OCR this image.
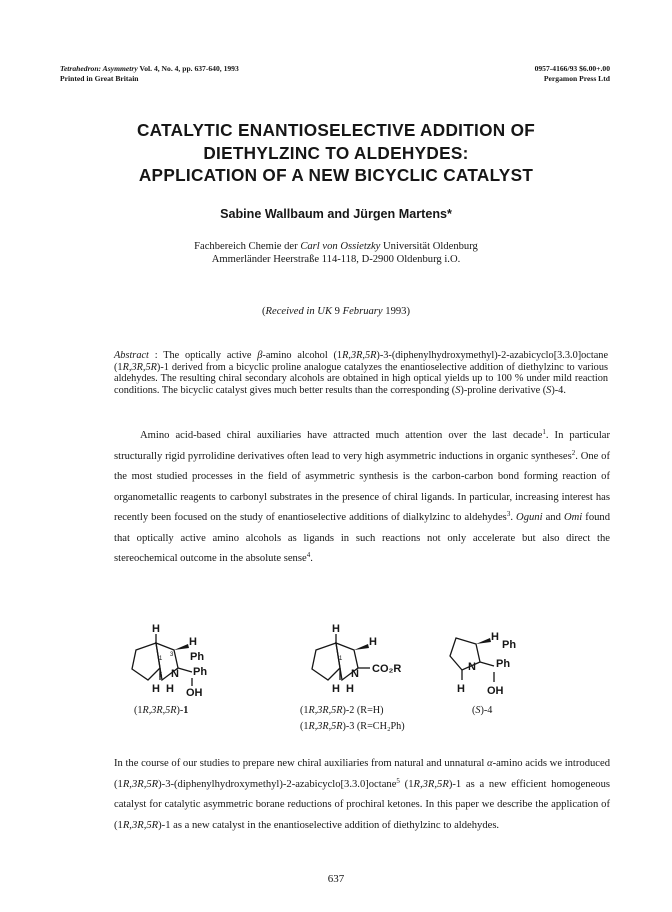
Tetrahedron: Asymmetry Vol. 4, No. 4, pp. 637-640, 1993
Printed in Great Britain
0957-4166/93 $6.00+.00
Pergamon Press Ltd
CATALYTIC ENANTIOSELECTIVE ADDITION OF
DIETHYLZINC TO ALDEHYDES:
APPLICATION OF A NEW BICYCLIC CATALYST
Sabine Wallbaum and Jürgen Martens*
Fachbereich Chemie der Carl von Ossietzky Universität Oldenburg
Ammerländer Heerstraße 114-118, D-2900 Oldenburg i.O.
(Received in UK 9 February 1993)
Abstract : The optically active β-amino alcohol (1R,3R,5R)-3-(diphenylhydroxymethyl)-2-azabicyclo[3.3.0]octane (1R,3R,5R)-1 derived from a bicyclic proline analogue catalyzes the enantioselective addition of diethylzinc to various aldehydes. The resulting chiral secondary alcohols are obtained in high optical yields up to 100 % under mild reaction conditions. The bicyclic catalyst gives much better results than the corresponding (S)-proline derivative (S)-4.
Amino acid-based chiral auxiliaries have attracted much attention over the last decade$^1$. In particular structurally rigid pyrrolidine derivatives often lead to very high asymmetric inductions in organic syntheses$^2$. One of the most studied processes in the field of asymmetric synthesis is the carbon-carbon bond forming reaction of organometallic reagents to carbonyl substrates in the presence of chiral ligands. In particular, increasing interest has recently been focused on the study of enantioselective additions of dialkylzinc to aldehydes$^3$. Oguni and Omi found that optically active amino alcohols as ligands in such reactions not only accelerate but also direct the stereochemical outcome in the absolute sense$^4$.
H
H
Ph
Ph
N
H H OH
1
3
5
H
H
N CO₂R
H H
1
H
Ph
Ph
N
H OH
(1R,3R,5R)-1	(1R,3R,5R)-2 (R=H)
(1R,3R,5R)-3 (R=CH₂Ph)
(S)-4
In the course of our studies to prepare new chiral auxiliaries from natural and unnatural α-amino acids we introduced (1R,3R,5R)-3-(diphenylhydroxymethyl)-2-azabicyclo[3.3.0]octane$^5$ (1R,3R,5R)-1 as a new efficient homogeneous catalyst for catalytic asymmetric borane reductions of prochiral ketones. In this paper we describe the application of (1R,3R,5R)-1 as a new catalyst in the enantioselective addition of diethylzinc to aldehydes.
637
